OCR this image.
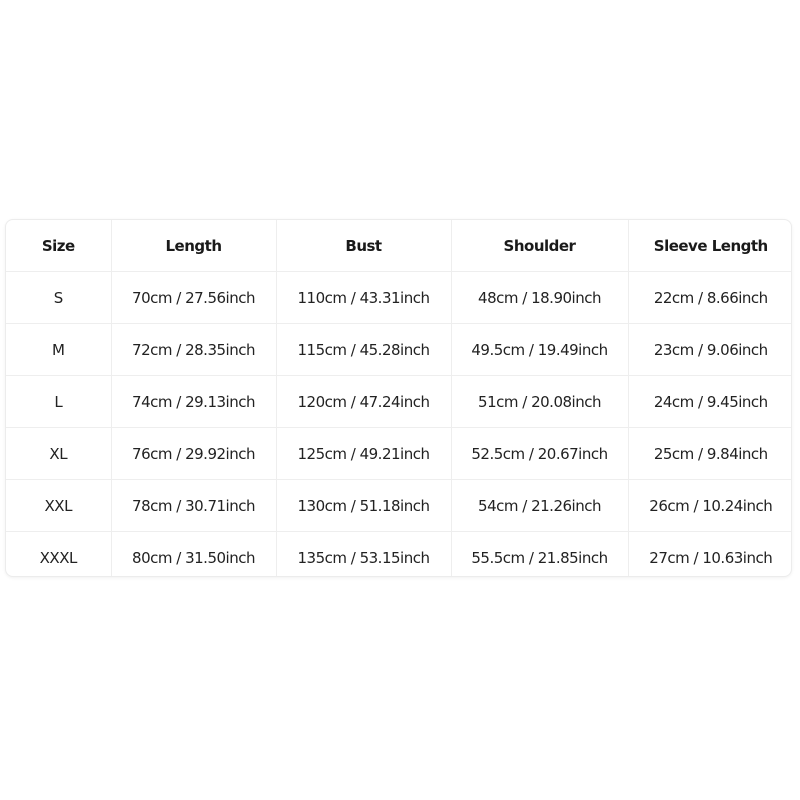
Size	Length	Bust	Shoulder	Sleeve Length
S	70cm / 27.56inch	110cm / 43.31inch	48cm / 18.90inch	22cm / 8.66inch
M	72cm / 28.35inch	115cm / 45.28inch	49.5cm / 19.49inch	23cm / 9.06inch
L	74cm / 29.13inch	120cm / 47.24inch	51cm / 20.08inch	24cm / 9.45inch
XL	76cm / 29.92inch	125cm / 49.21inch	52.5cm / 20.67inch	25cm / 9.84inch
XXL	78cm / 30.71inch	130cm / 51.18inch	54cm / 21.26inch	26cm / 10.24inch
XXXL	80cm / 31.50inch	135cm / 53.15inch	55.5cm / 21.85inch	27cm / 10.63inch
